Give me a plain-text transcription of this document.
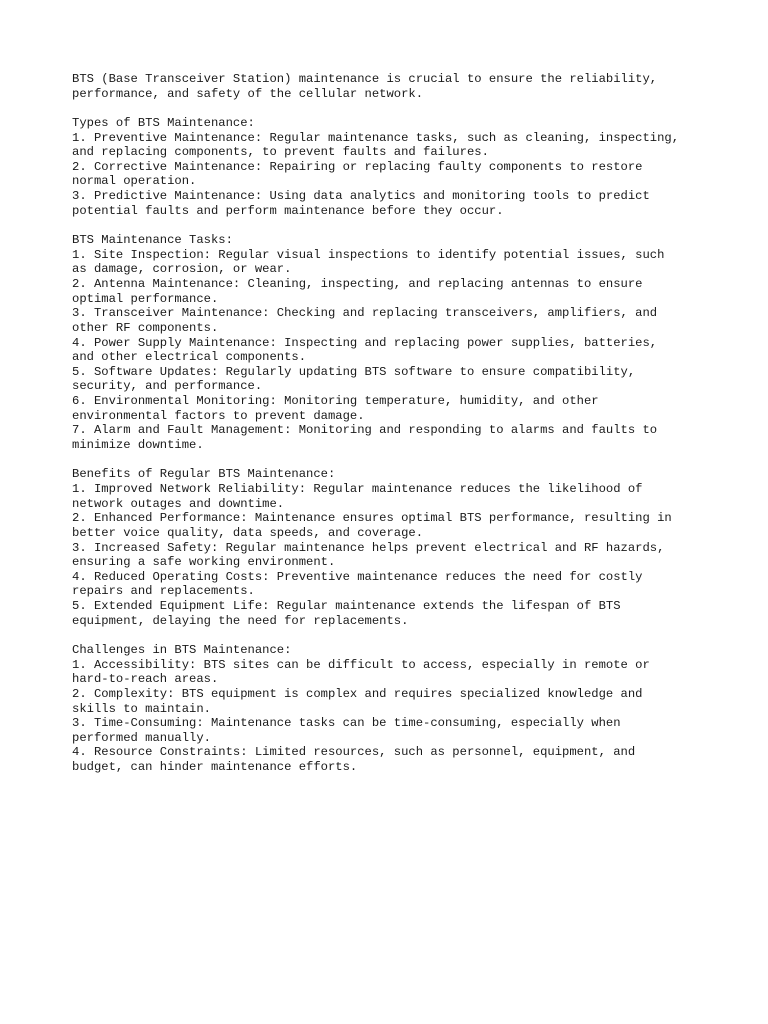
BTS (Base Transceiver Station) maintenance is crucial to ensure the reliability,
performance, and safety of the cellular network.
Types of BTS Maintenance:
1. Preventive Maintenance: Regular maintenance tasks, such as cleaning, inspecting,
and replacing components, to prevent faults and failures.
2. Corrective Maintenance: Repairing or replacing faulty components to restore
normal operation.
3. Predictive Maintenance: Using data analytics and monitoring tools to predict
potential faults and perform maintenance before they occur.
BTS Maintenance Tasks:
1. Site Inspection: Regular visual inspections to identify potential issues, such
as damage, corrosion, or wear.
2. Antenna Maintenance: Cleaning, inspecting, and replacing antennas to ensure
optimal performance.
3. Transceiver Maintenance: Checking and replacing transceivers, amplifiers, and
other RF components.
4. Power Supply Maintenance: Inspecting and replacing power supplies, batteries,
and other electrical components.
5. Software Updates: Regularly updating BTS software to ensure compatibility,
security, and performance.
6. Environmental Monitoring: Monitoring temperature, humidity, and other
environmental factors to prevent damage.
7. Alarm and Fault Management: Monitoring and responding to alarms and faults to
minimize downtime.
Benefits of Regular BTS Maintenance:
1. Improved Network Reliability: Regular maintenance reduces the likelihood of
network outages and downtime.
2. Enhanced Performance: Maintenance ensures optimal BTS performance, resulting in
better voice quality, data speeds, and coverage.
3. Increased Safety: Regular maintenance helps prevent electrical and RF hazards,
ensuring a safe working environment.
4. Reduced Operating Costs: Preventive maintenance reduces the need for costly
repairs and replacements.
5. Extended Equipment Life: Regular maintenance extends the lifespan of BTS
equipment, delaying the need for replacements.
Challenges in BTS Maintenance:
1. Accessibility: BTS sites can be difficult to access, especially in remote or
hard-to-reach areas.
2. Complexity: BTS equipment is complex and requires specialized knowledge and
skills to maintain.
3. Time-Consuming: Maintenance tasks can be time-consuming, especially when
performed manually.
4. Resource Constraints: Limited resources, such as personnel, equipment, and
budget, can hinder maintenance efforts.
